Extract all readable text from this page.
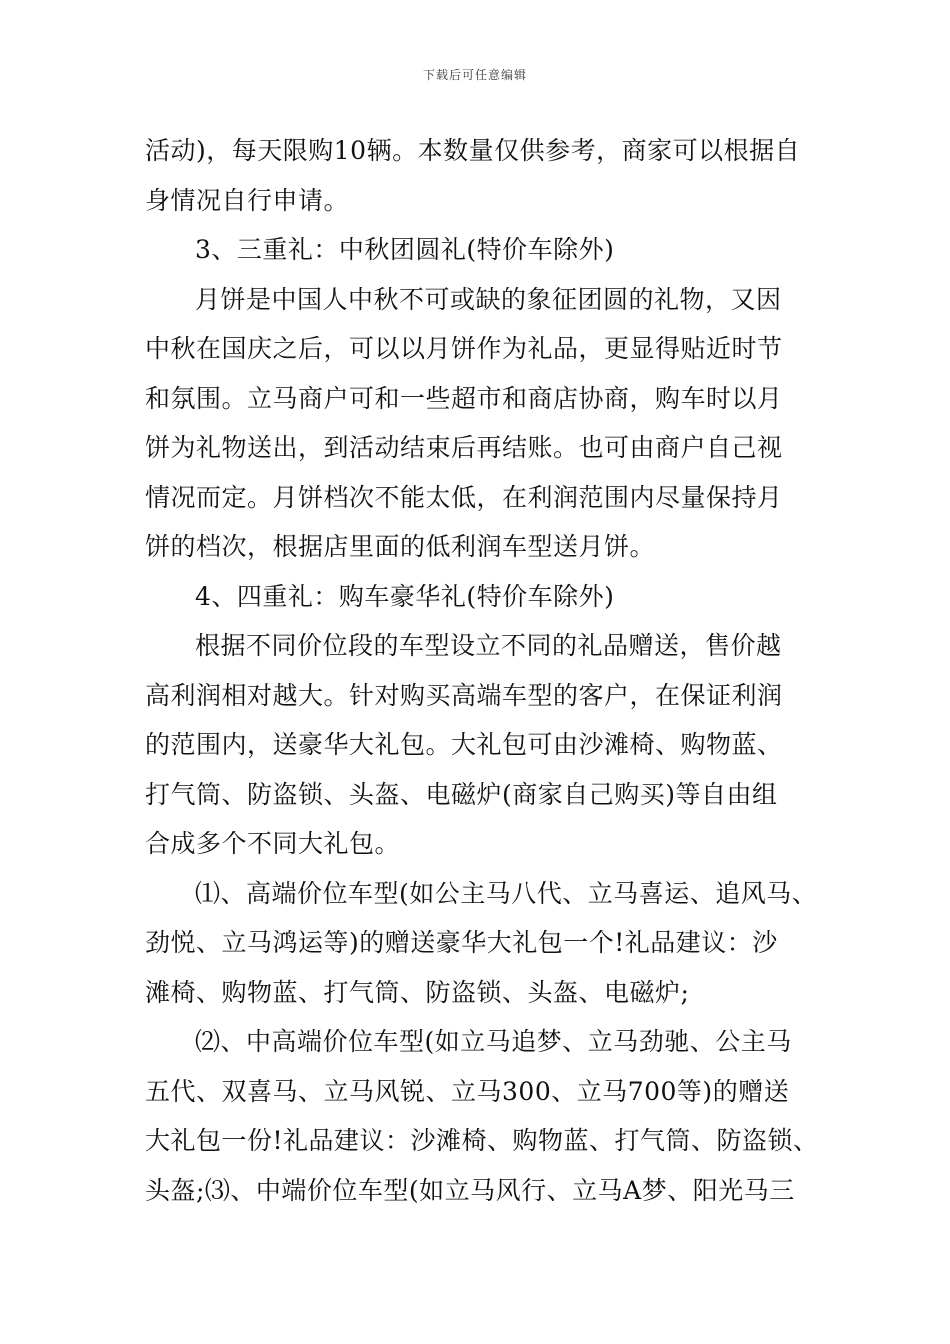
下载后可任意编辑
活动)，每天限购10辆。本数量仅供参考，商家可以根据自
身情况自行申请。
3、三重礼：中秋团圆礼(特价车除外)
月饼是中国人中秋不可或缺的象征团圆的礼物，又因
中秋在国庆之后，可以以月饼作为礼品，更显得贴近时节
和氛围。立马商户可和一些超市和商店协商，购车时以月
饼为礼物送出，到活动结束后再结账。也可由商户自己视
情况而定。月饼档次不能太低，在利润范围内尽量保持月
饼的档次，根据店里面的低利润车型送月饼。
4、四重礼：购车豪华礼(特价车除外)
根据不同价位段的车型设立不同的礼品赠送，售价越
高利润相对越大。针对购买高端车型的客户，在保证利润
的范围内，送豪华大礼包。大礼包可由沙滩椅、购物蓝、
打气筒、防盗锁、头盔、电磁炉(商家自己购买)等自由组
合成多个不同大礼包。
⑴、高端价位车型(如公主马八代、立马喜运、追风马、
劲悦、立马鸿运等)的赠送豪华大礼包一个!礼品建议：沙
滩椅、购物蓝、打气筒、防盗锁、头盔、电磁炉;
⑵、中高端价位车型(如立马追梦、立马劲驰、公主马
五代、双喜马、立马风锐、立马300、立马700等)的赠送
大礼包一份!礼品建议：沙滩椅、购物蓝、打气筒、防盗锁、
头盔;⑶、中端价位车型(如立马风行、立马A梦、阳光马三
